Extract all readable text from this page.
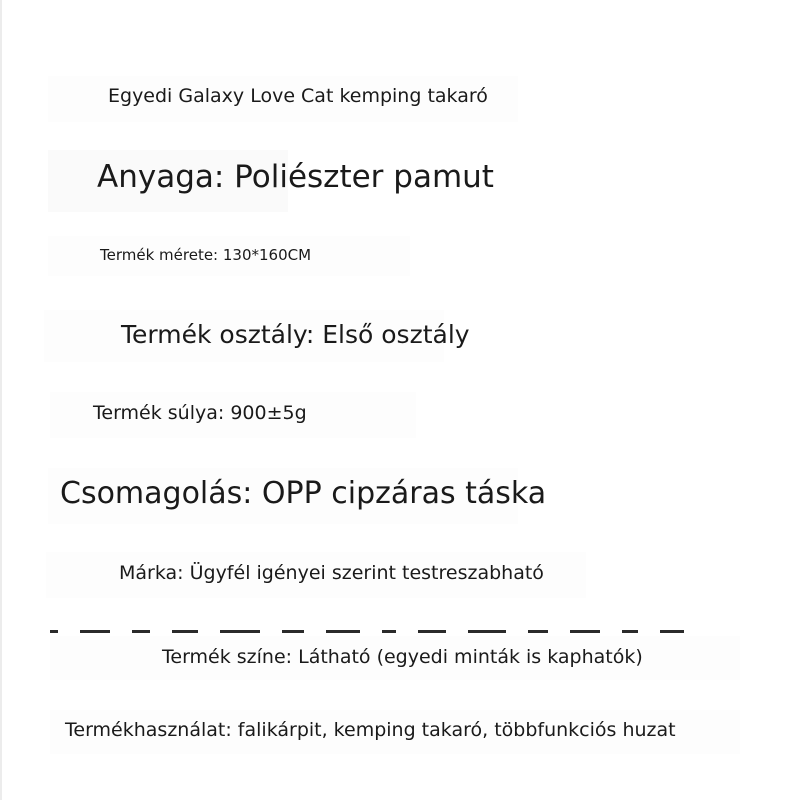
Egyedi Galaxy Love Cat kemping takaró
Anyaga: Poliészter pamut
Termék mérete: 130*160CM
Termék osztály: Első osztály
Termék súlya: 900±5g
Csomagolás: OPP cipzáras táska
Márka: Ügyfél igényei szerint testreszabható
Termék színe: Látható (egyedi minták is kaphatók)
Termékhasználat: falikárpit, kemping takaró, többfunkciós huzat
